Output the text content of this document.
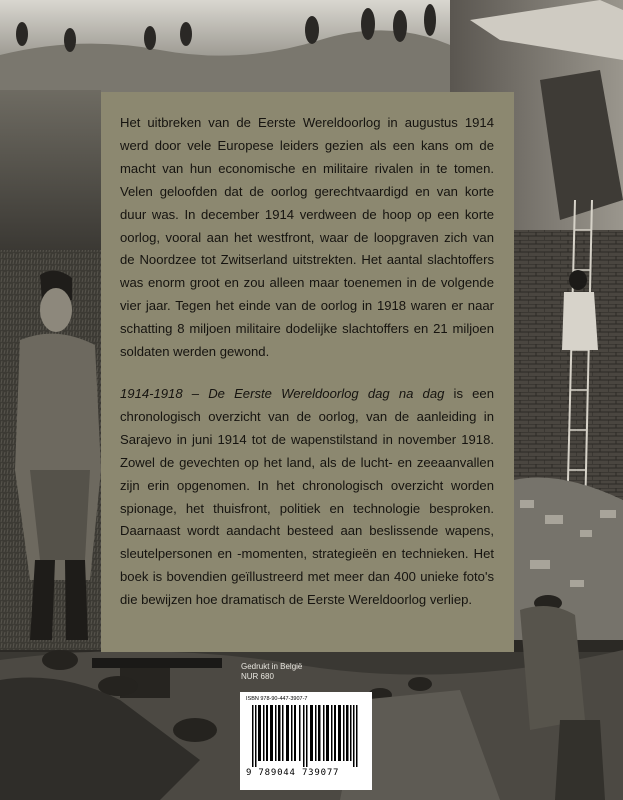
Het uitbreken van de Eerste Wereldoorlog in augustus 1914 werd door vele Europese leiders gezien als een kans om de macht van hun economische en militaire rivalen in te tomen. Velen geloofden dat de oorlog gerechtvaardigd en van korte duur was. In december 1914 verdween de hoop op een korte oorlog, vooral aan het westfront, waar de loopgraven zich van de Noordzee tot Zwitserland uitstrekten. Het aantal slachtoffers was enorm groot en zou alleen maar toenemen in de volgende vier jaar. Tegen het einde van de oorlog in 1918 waren er naar schatting 8 miljoen militaire dodelijke slachtoffers en 21 miljoen soldaten werden gewond.

1914-1918 – De Eerste Wereldoorlog dag na dag is een chronologisch overzicht van de oorlog, van de aanleiding in Sarajevo in juni 1914 tot de wapenstilstand in november 1918. Zowel de gevechten op het land, als de lucht- en zeeaanvallen zijn erin opgenomen. In het chronologisch overzicht worden spionage, het thuisfront, politiek en technologie besproken. Daarnaast wordt aandacht besteed aan beslissende wapens, sleutelpersonen en -momenten, strategieën en technieken. Het boek is bovendien geïllustreerd met meer dan 400 unieke foto's die bewijzen hoe dramatisch de Eerste Wereldoorlog verliep.

Gedrukt in België
NUR 680
ISBN 978-90-447-3907-7
9 789044 739077
